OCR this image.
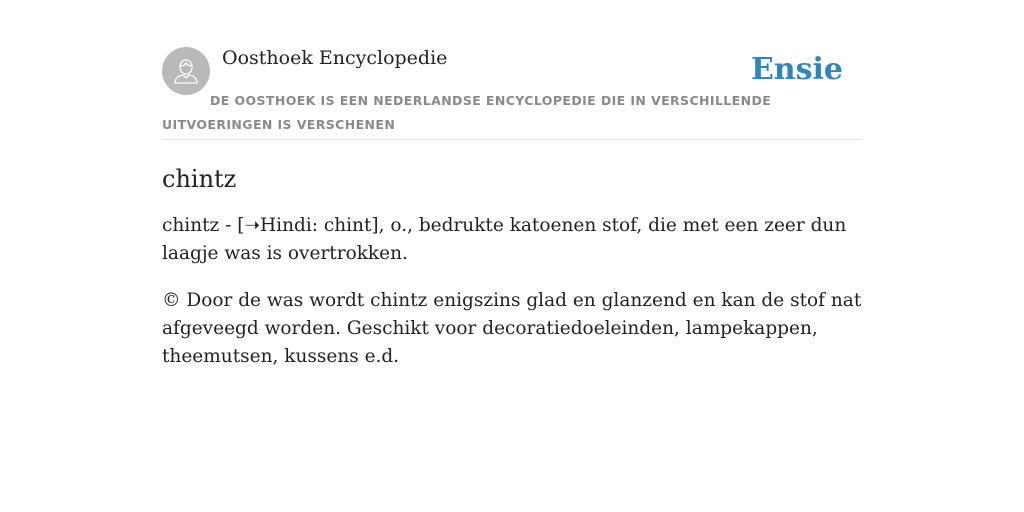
Oosthoek Encyclopedie	Ensie
DE OOSTHOEK IS EEN NEDERLANDSE ENCYCLOPEDIE DIE IN VERSCHILLENDE UITVOERINGEN IS VERSCHENEN
chintz

chintz - [➝Hindi: chint], o., bedrukte katoenen stof, die met een zeer dun laagje was is overtrokken.

© Door de was wordt chintz enigszins glad en glanzend en kan de stof nat afgeveegd worden. Geschikt voor decoratiedoeleinden, lampekappen, theemutsen, kussens e.d.
